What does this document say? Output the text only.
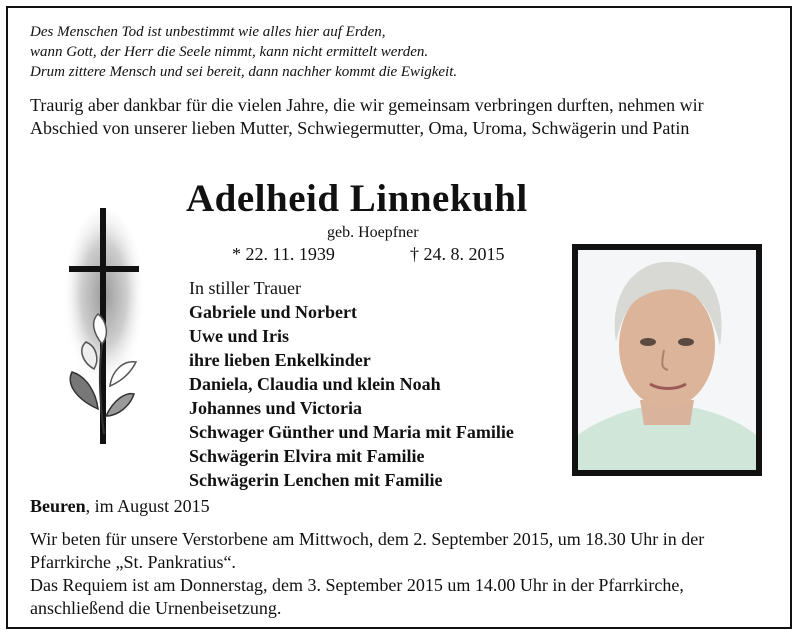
Des Menschen Tod ist unbestimmt wie alles hier auf Erden,
wann Gott, der Herr die Seele nimmt, kann nicht ermittelt werden.
Drum zittere Mensch und sei bereit, dann nachher kommt die Ewigkeit.
Traurig aber dankbar für die vielen Jahre, die wir gemeinsam verbringen durften, nehmen wir Abschied von unserer lieben Mutter, Schwiegermutter, Oma, Uroma, Schwägerin und Patin
Adelheid Linnekuhl
geb. Hoepfner
* 22. 11. 1939	† 24. 8. 2015
In stiller Trauer
Gabriele und Norbert
Uwe und Iris
ihre lieben Enkelkinder
Daniela, Claudia und klein Noah
Johannes und Victoria
Schwager Günther und Maria mit Familie
Schwägerin Elvira mit Familie
Schwägerin Lenchen mit Familie
Beuren, im August 2015
Wir beten für unsere Verstorbene am Mittwoch, dem 2. September 2015, um 18.30 Uhr in der Pfarrkirche „St. Pankratius“.
Das Requiem ist am Donnerstag, dem 3. September 2015 um 14.00 Uhr in der Pfarrkirche, anschließend die Urnenbeisetzung.
